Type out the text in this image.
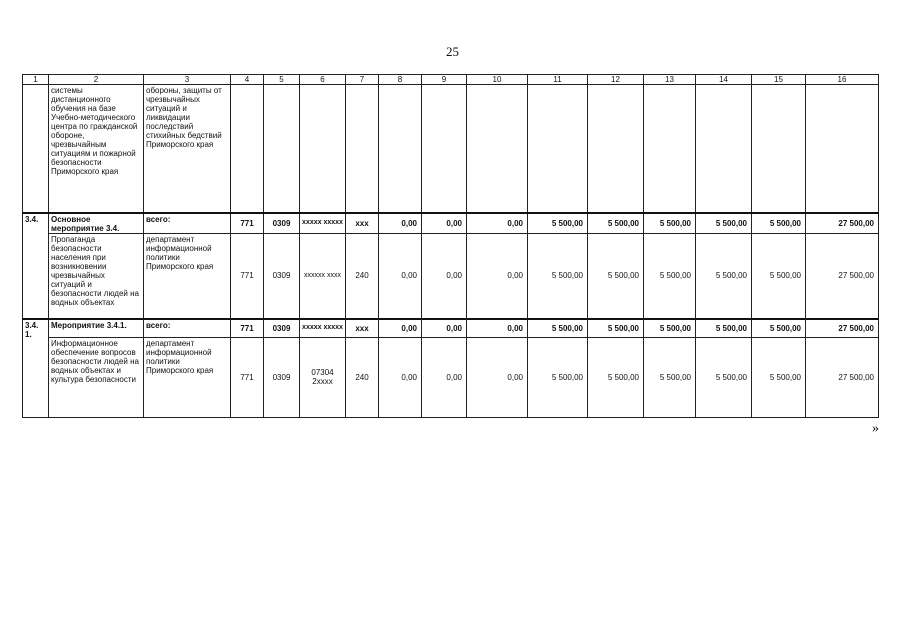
25
1	2	3	4	5	6	7	8	9	10	11	12	13	14	15	16
	системы дистанционного обучения на базе Учебно-методического центра по гражданской обороне, чрезвычайным ситуациям и пожарной безопасности Приморского края	обороны, защиты от чрезвычайных ситуаций и ликвидации последствий стихийных бедствий Приморского края													
3.4.	Основное мероприятие 3.4.	всего:	771	0309	ххххх ххххх	ххх	0,00	0,00	0,00	5 500,00	5 500,00	5 500,00	5 500,00	5 500,00	27 500,00
	Пропаганда безопасности населения при возникновении чрезвычайных ситуаций и безопасности людей на водных объектах	департамент информационной политики Приморского края	771	0309	хххххх хххх	240	0,00	0,00	0,00	5 500,00	5 500,00	5 500,00	5 500,00	5 500,00	27 500,00
3.4. 1.	Мероприятие 3.4.1.	всего:	771	0309	ххххх ххххх	ххх	0,00	0,00	0,00	5 500,00	5 500,00	5 500,00	5 500,00	5 500,00	27 500,00
	Информационное обеспечение вопросов безопасности людей на водных объектах и культура безопасности	департамент информационной политики Приморского края	771	0309	07304 2хххх	240	0,00	0,00	0,00	5 500,00	5 500,00	5 500,00	5 500,00	5 500,00	27 500,00
»
